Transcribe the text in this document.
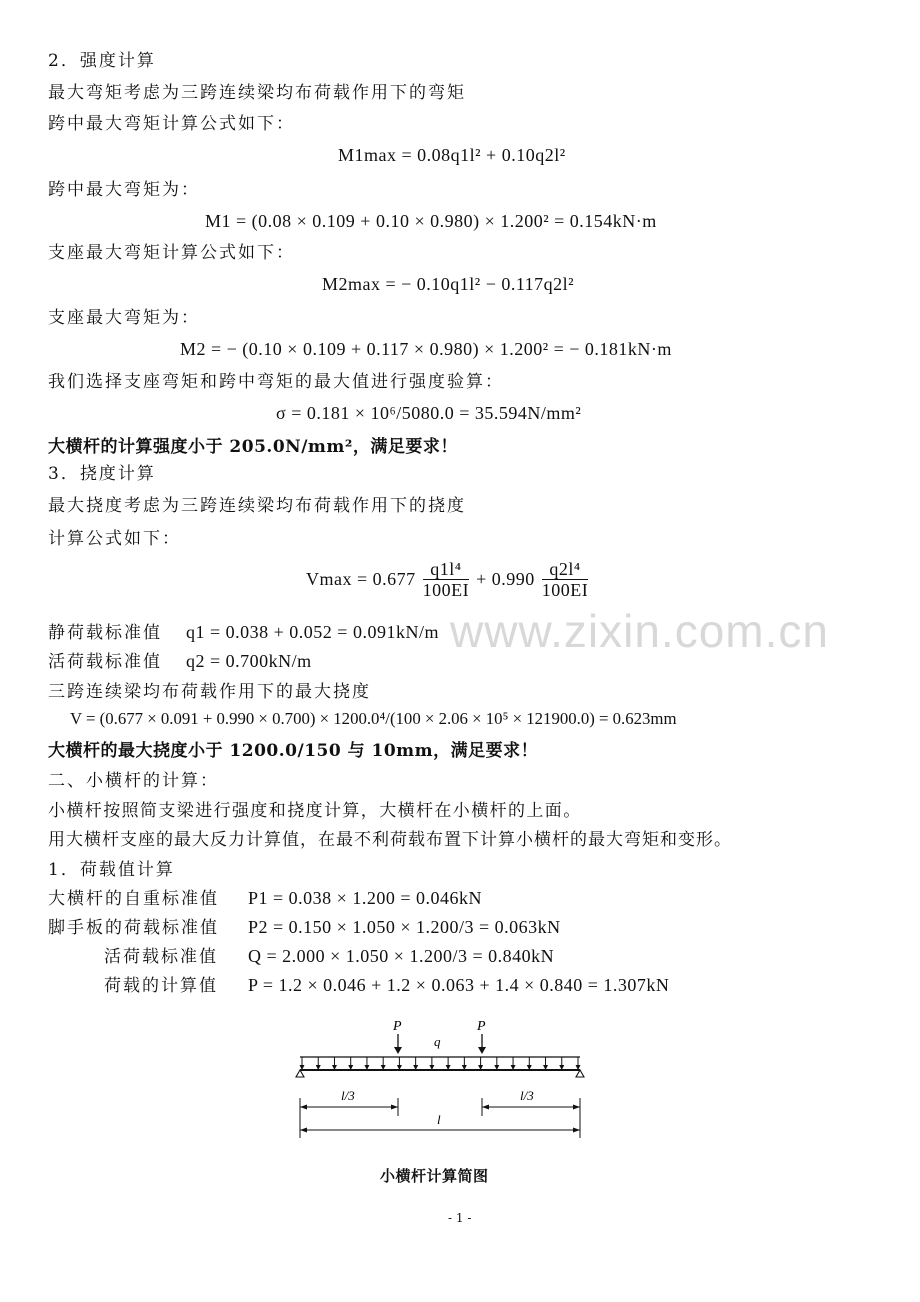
www.zixin.com.cn
2．强度计算
最大弯矩考虑为三跨连续梁均布荷载作用下的弯矩
跨中最大弯矩计算公式如下：
M1max = 0.08q1l² + 0.10q2l²
跨中最大弯矩为：
M1 = (0.08 × 0.109 + 0.10 × 0.980) × 1.200² = 0.154kN·m
支座最大弯矩计算公式如下：
M2max = − 0.10q1l² − 0.117q2l²
支座最大弯矩为：
M2 = − (0.10 × 0.109 + 0.117 × 0.980) × 1.200² = − 0.181kN·m
我们选择支座弯矩和跨中弯矩的最大值进行强度验算：
σ = 0.181 × 10⁶/5080.0 = 35.594N/mm²
大横杆的计算强度小于 205.0N/mm²，满足要求！
3．挠度计算
最大挠度考虑为三跨连续梁均布荷载作用下的挠度
计算公式如下：
$Vmax = 0.677 \frac{\text{q1l⁴}}{100EI} + 0.990 \frac{\text{q2l⁴}}{100EI}$
静荷载标准值 q1 = 0.038 + 0.052 = 0.091kN/m
活荷载标准值 q2 = 0.700kN/m
三跨连续梁均布荷载作用下的最大挠度
V = (0.677 × 0.091 + 0.990 × 0.700) × 1200.0⁴/(100 × 2.06 × 10⁵ × 121900.0) = 0.623mm
大横杆的最大挠度小于 1200.0/150 与 10mm，满足要求！
二、小横杆的计算：
小横杆按照简支梁进行强度和挠度计算，大横杆在小横杆的上面。
用大横杆支座的最大反力计算值，在最不利荷载布置下计算小横杆的最大弯矩和变形。
1．荷载值计算
大横杆的自重标准值 P1 = 0.038 × 1.200 = 0.046kN
脚手板的荷载标准值 P2 = 0.150 × 1.050 × 1.200/3 = 0.063kN
活荷载标准值 Q = 2.000 × 1.050 × 1.200/3 = 0.840kN
荷载的计算值 P = 1.2 × 0.046 + 1.2 × 0.063 + 1.4 × 0.840 = 1.307kN
P	P
q
l/3	l/3
l
小横杆计算简图
- 1 -
